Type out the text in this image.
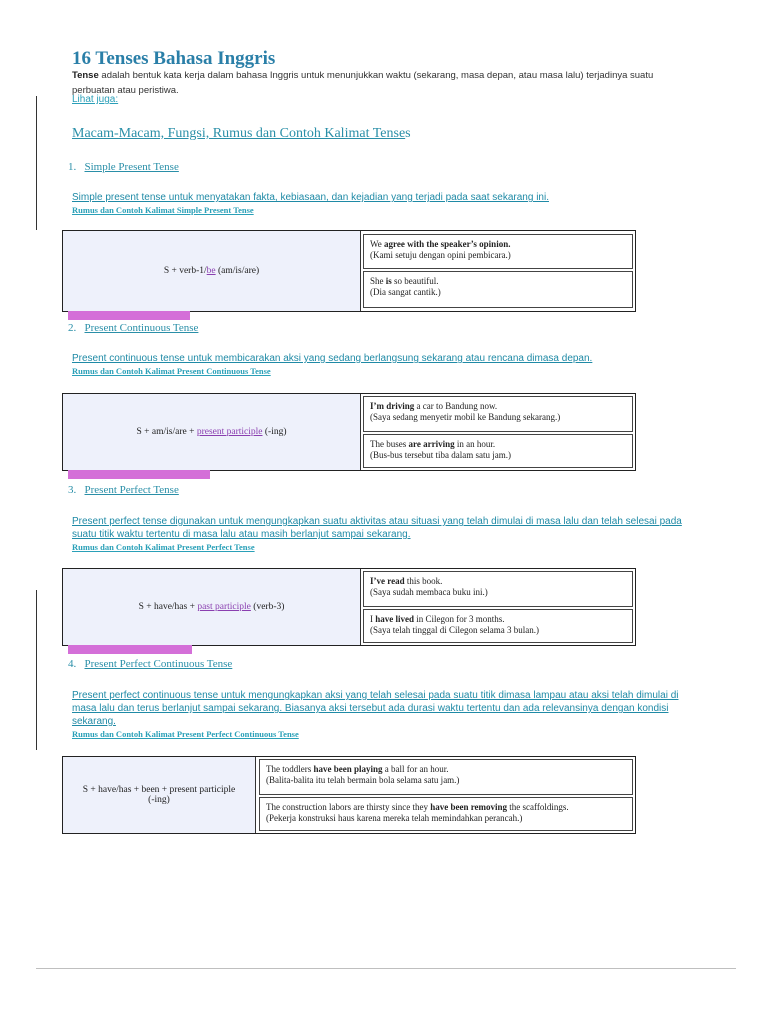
16 Tenses Bahasa Inggris
Tense adalah bentuk kata kerja dalam bahasa Inggris untuk menunjukkan waktu (sekarang, masa depan, atau masa lalu) terjadinya suatu perbuatan atau peristiwa.
Lihat juga:
Macam-Macam, Fungsi, Rumus dan Contoh Kalimat Tenses
1. Simple Present Tense
Simple present tense untuk menyatakan fakta, kebiasaan, dan kejadian yang terjadi pada saat sekarang ini.
Rumus dan Contoh Kalimat Simple Present Tense
S + verb-1/be (am/is/are)
We agree with the speaker’s opinion.
(Kami setuju dengan opini pembicara.)
She is so beautiful.
(Dia sangat cantik.)
2. Present Continuous Tense
Present continuous tense untuk membicarakan aksi yang sedang berlangsung sekarang atau rencana dimasa depan.
Rumus dan Contoh Kalimat Present Continuous Tense
S + am/is/are + present participle (-ing)
I’m driving a car to Bandung now.
(Saya sedang menyetir mobil ke Bandung sekarang.)
The buses are arriving in an hour.
(Bus-bus tersebut tiba dalam satu jam.)
3. Present Perfect Tense
Present perfect tense digunakan untuk mengungkapkan suatu aktivitas atau situasi yang telah dimulai di masa lalu dan telah selesai pada suatu titik waktu tertentu di masa lalu atau masih berlanjut sampai sekarang.
Rumus dan Contoh Kalimat Present Perfect Tense
S + have/has + past participle (verb-3)
I’ve read this book.
(Saya sudah membaca buku ini.)
I have lived in Cilegon for 3 months.
(Saya telah tinggal di Cilegon selama 3 bulan.)
4. Present Perfect Continuous Tense
Present perfect continuous tense untuk mengungkapkan aksi yang telah selesai pada suatu titik dimasa lampau atau aksi telah dimulai di masa lalu dan terus berlanjut sampai sekarang. Biasanya aksi tersebut ada durasi waktu tertentu dan ada relevansinya dengan kondisi sekarang.
Rumus dan Contoh Kalimat Present Perfect Continuous Tense
S + have/has + been + present participle (-ing)
The toddlers have been playing a ball for an hour.
(Balita-balita itu telah bermain bola selama satu jam.)
The construction labors are thirsty since they have been removing the scaffoldings.
(Pekerja konstruksi haus karena mereka telah memindahkan perancah.)
